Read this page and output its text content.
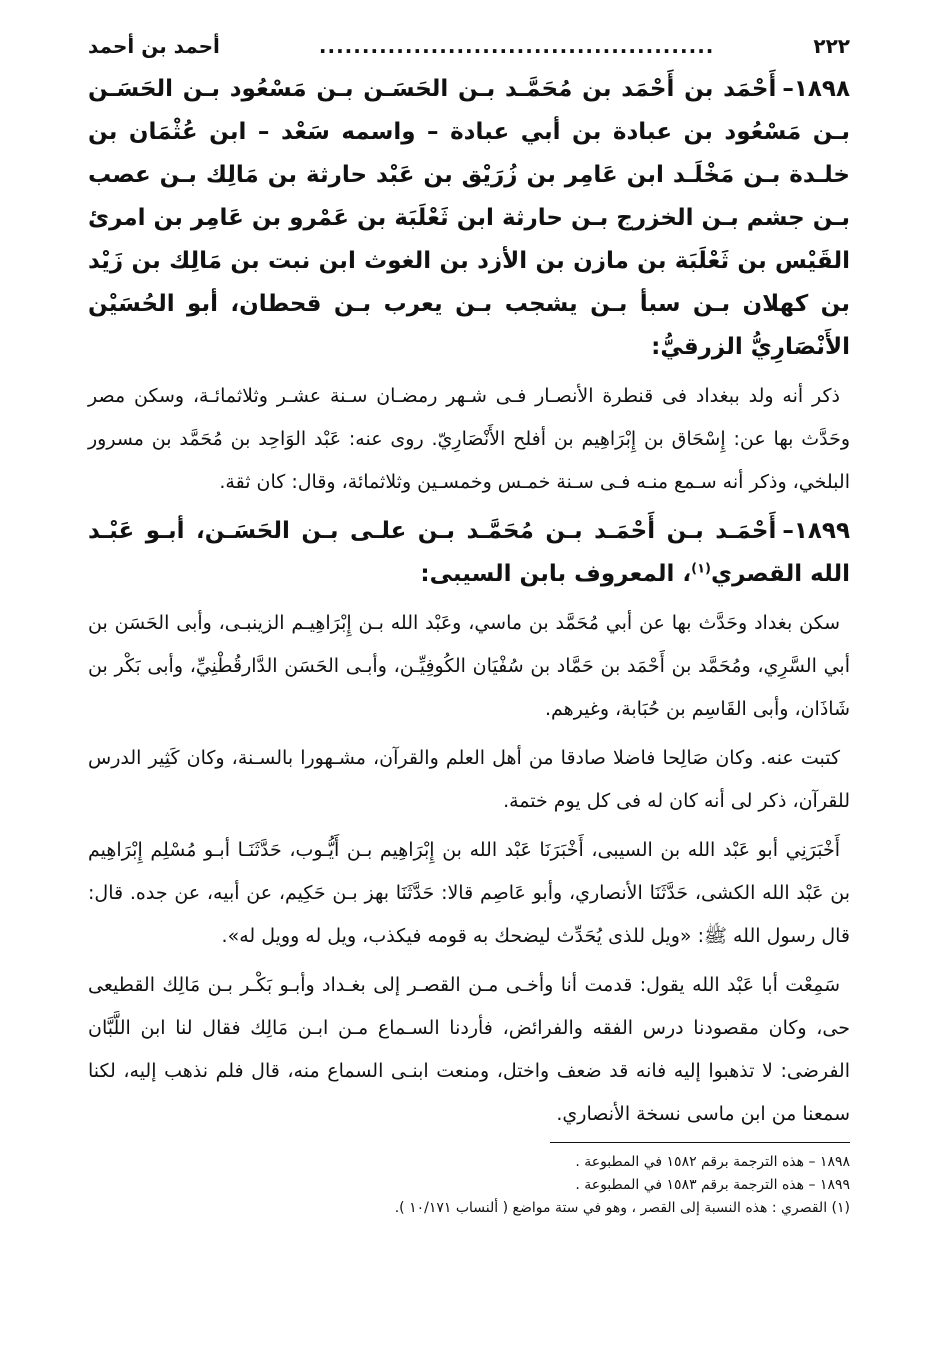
٢٢٢
..............................................
أحمد بن أحمد

١٨٩٨–أَحْمَد بن أَحْمَد بن مُحَمَّـد بـن الحَسَـن بـن مَسْعُود بـن الحَسَـن بـن مَسْعُود بن عبادة بن أبي عبادة – واسمه سَعْد – ابن عُثْمَان بن خلـدة بـن مَخْلَـد ابن عَامِر بن زُرَيْق بن عَبْد حارثة بن مَالِك بـن عصب بـن جشم بـن الخزرج بـن حارثة ابن ثَعْلَبَة بن عَمْرو بن عَامِر بن امرئ القَيْس بن ثَعْلَبَة بن مازن بن الأزد بن الغوث ابن نبت بن مَالِك بن زَيْد بن كهلان بـن سبأ بـن يشجب بـن يعرب بـن قحطان، أبو الحُسَيْن الأَنْصَارِيُّ الزرقيُّ:

ذكر أنه ولد ببغداد فى قنطرة الأنصـار فـى شـهر رمضـان سـنة عشـر وثلاثمائـة، وسكن مصر وحَدَّث بها عن: إِسْحَاق بن إِبْرَاهِيم بن أفلح الأَنْصَارِيّ. روى عنه: عَبْد الوَاحِد بن مُحَمَّد بن مسرور البلخي، وذكر أنه سـمع منـه فـى سـنة خمـس وخمسـين وثلاثمائة، وقال: كان ثقة.

١٨٩٩–أَحْمَـد بـن أَحْمَـد بـن مُحَمَّـد بـن علـى بـن الحَسَـن، أبـو عَبْـد الله القصري$^{(١)}$، المعروف بابن السيبى:

سكن بغداد وحَدَّث بها عن أبي مُحَمَّد بن ماسي، وعَبْد الله بـن إِبْرَاهِيـم الزينبـى، وأبى الحَسَن بن أبي السَّرِي، ومُحَمَّد بن أَحْمَد بن حَمَّاد بن سُفْيَان الكُوفِيِّـن، وأبـى الحَسَن الدَّارقُطْنِيِّ، وأبى بَكْر بن شَاذَان، وأبى القَاسِم بن حُبَابة، وغيرهم.

كتبت عنه. وكان صَالِحا فاضلا صادقا من أهل العلم والقرآن، مشـهورا بالسـنة، وكان كَثِير الدرس للقرآن، ذكر لى أنه كان له فى كل يوم ختمة.

أَخْبَرَنِي أبو عَبْد الله بن السيبى، أَخْبَرَنَا عَبْد الله بن إِبْرَاهِيم بـن أَيُّـوب، حَدَّثَنَـا أبـو مُسْلِم إِبْرَاهِيم بن عَبْد الله الكشى، حَدَّثَنَا الأنصاري، وأبو عَاصِم قالا: حَدَّثَنَا بهز بـن حَكِيم، عن أبيه، عن جده. قال: قال رسول الله ﷺ: «ويل للذى يُحَدِّث ليضحك به قومه فيكذب، ويل له وويل له».

سَمِعْت أبا عَبْد الله يقول: قدمت أنا وأخـى مـن القصـر إلى بغـداد وأبـو بَكْـر بـن مَالِك القطيعى حى، وكان مقصودنا درس الفقه والفرائض، فأردنا السـماع مـن ابـن مَالِك فقال لنا ابن اللَّبَّان الفرضى: لا تذهبوا إليه فانه قد ضعف واختل، ومنعت ابنـى السماع منه، قال فلم نذهب إليه، لكنا سمعنا من ابن ماسى نسخة الأنصاري.

١٨٩٨ – هذه الترجمة برقم ١٥٨٢ في المطبوعة .

١٨٩٩ – هذه الترجمة برقم ١٥٨٣ في المطبوعة .

(١) القصري : هذه النسبة إلى القصر ، وهو في ستة مواضع ( ألنساب ١٠/١٧١ ).
